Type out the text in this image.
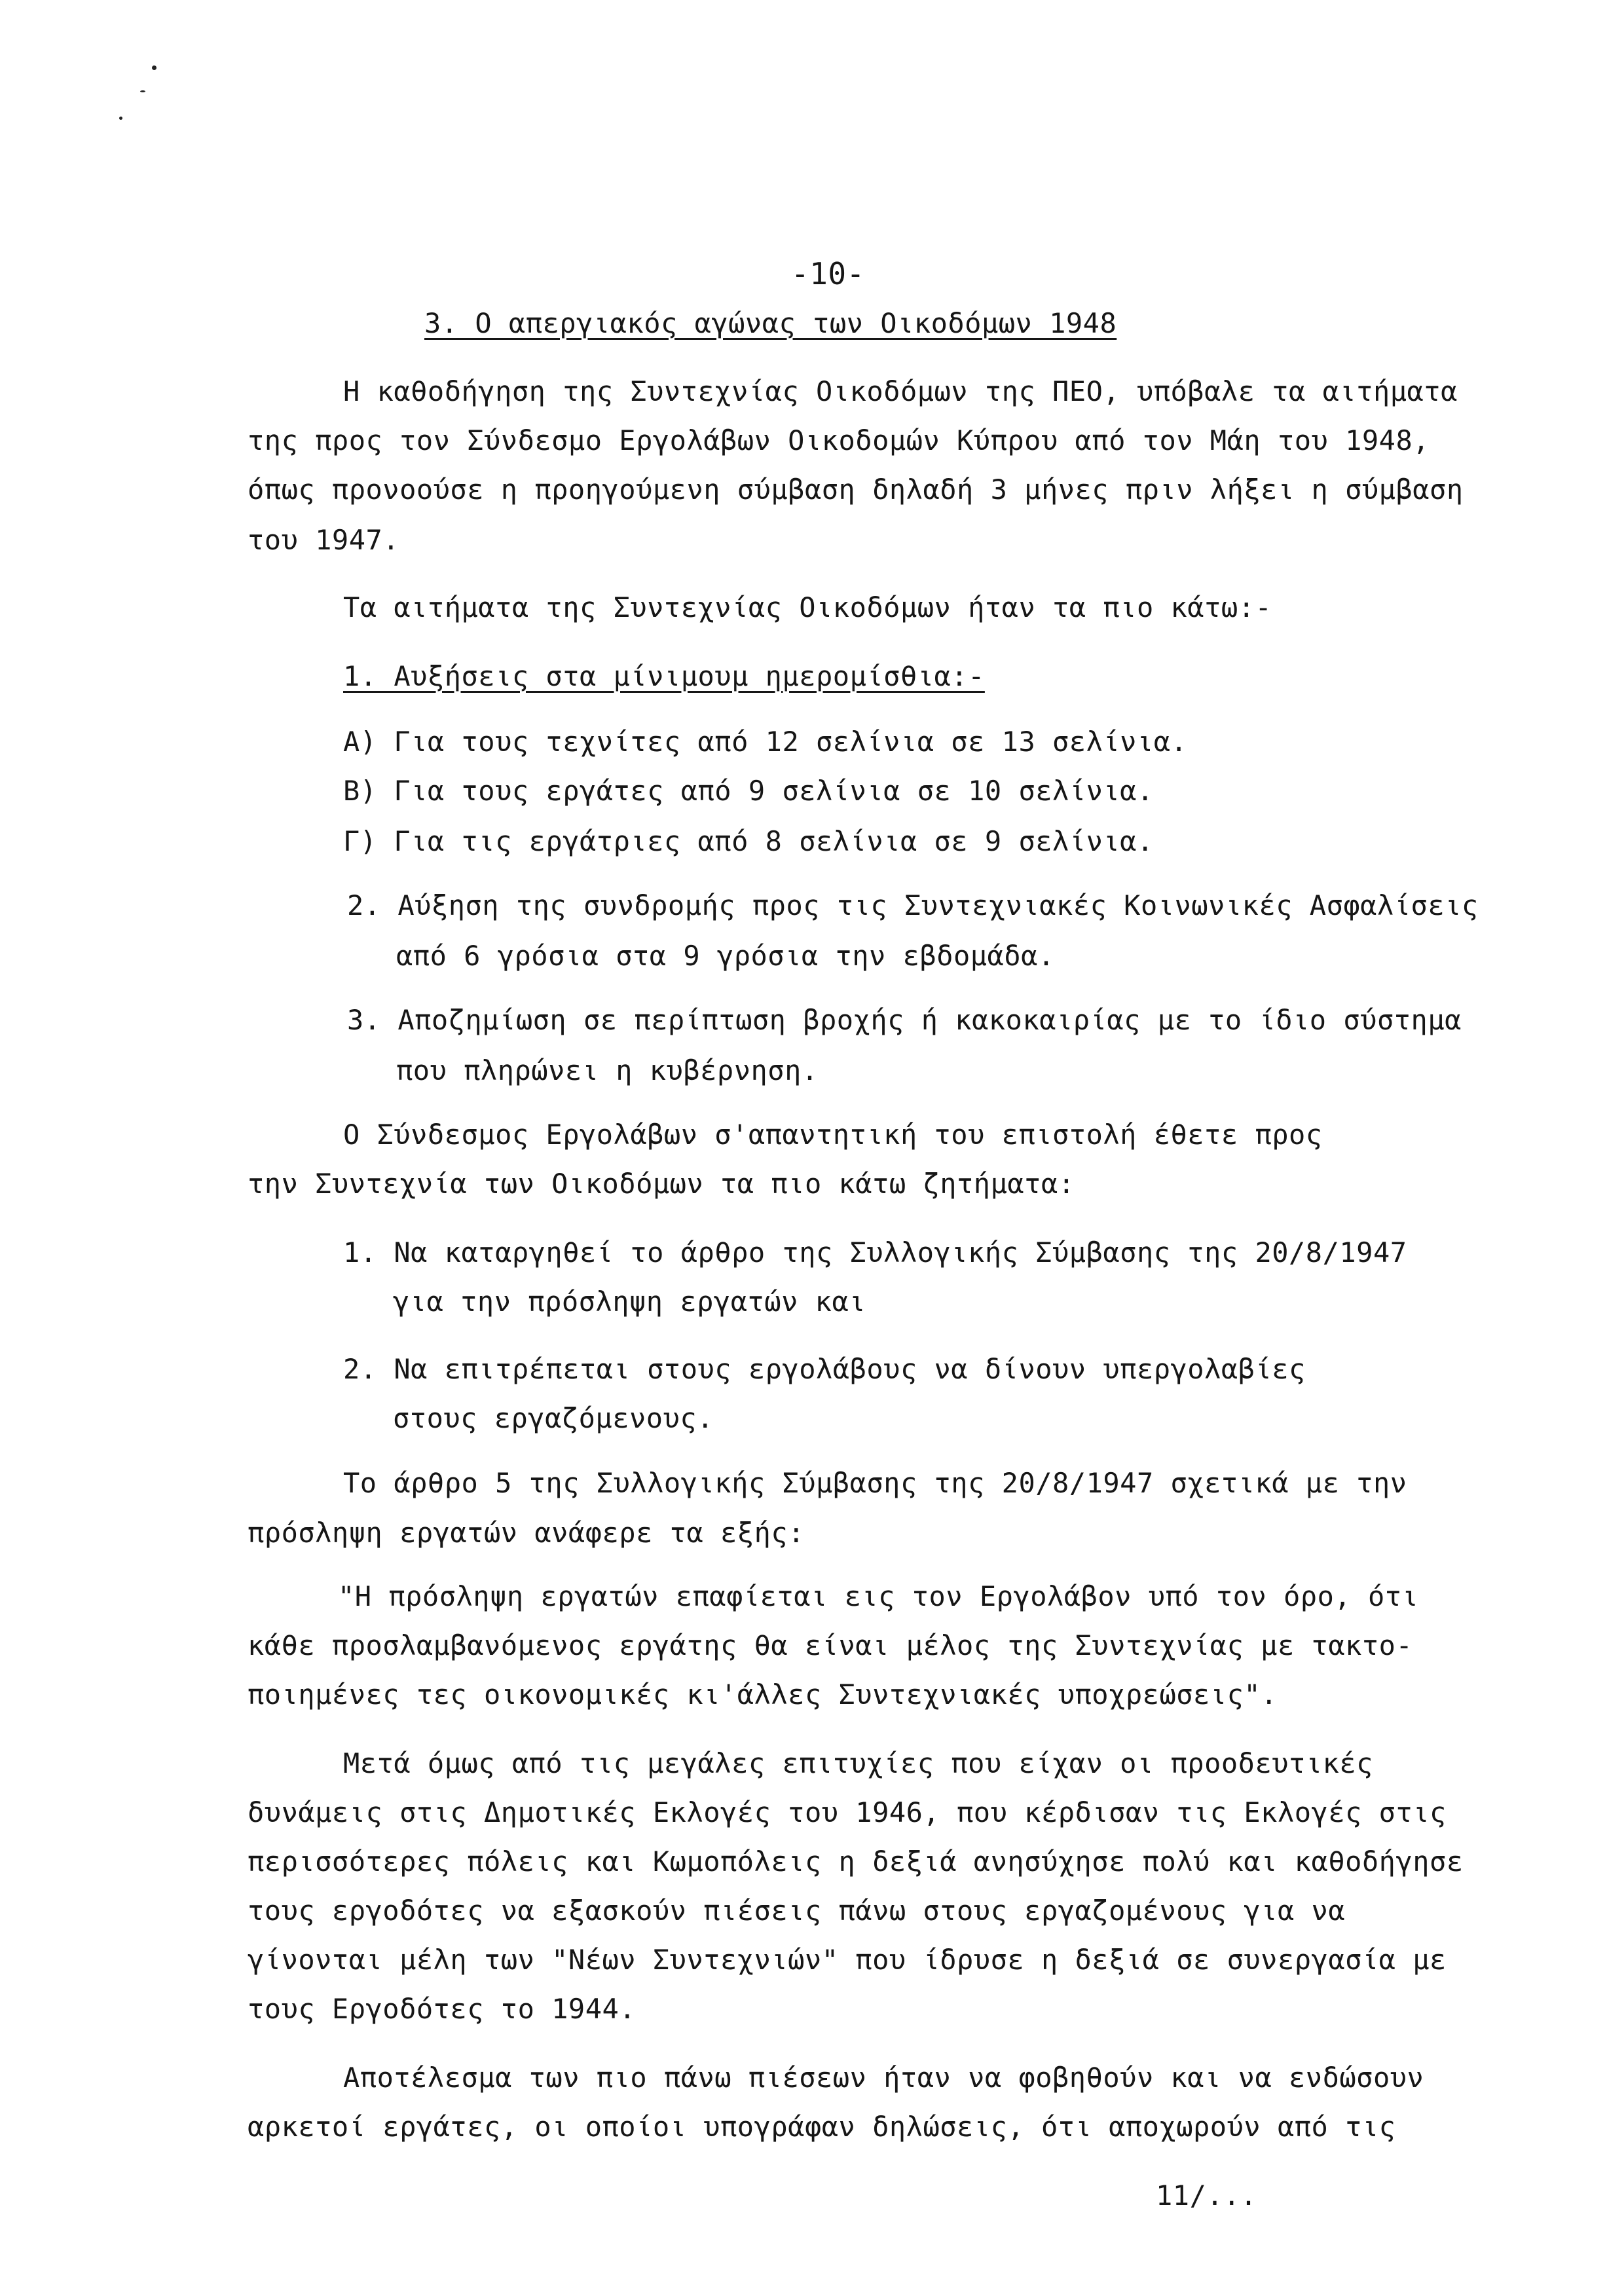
-10-
3. Ο απεργιακός αγώνας των Οικοδόμων 1948
Η καθοδήγηση της Συντεχνίας Οικοδόμων της ΠΕΟ, υπόβαλε τα αιτήματα
της προς τον Σύνδεσμο Εργολάβων Οικοδομών Κύπρου από τον Μάη του 1948,
όπως προνοούσε η προηγούμενη σύμβαση δηλαδή 3 μήνες πριν λήξει η σύμβαση
του 1947.
Τα αιτήματα της Συντεχνίας Οικοδόμων ήταν τα πιο κάτω:-
1. Αυξήσεις στα μίνιμουμ ημερομίσθια:-
Α) Για τους τεχνίτες από 12 σελίνια σε 13 σελίνια.
Β) Για τους εργάτες από 9 σελίνια σε 10 σελίνια.
Γ) Για τις εργάτριες από 8 σελίνια σε 9 σελίνια.
2. Αύξηση της συνδρομής προς τις Συντεχνιακές Κοινωνικές Ασφαλίσεις
από 6 γρόσια στα 9 γρόσια την εβδομάδα.
3. Αποζημίωση σε περίπτωση βροχής ή κακοκαιρίας με το ίδιο σύστημα
που πληρώνει η κυβέρνηση.
Ο Σύνδεσμος Εργολάβων σ'απαντητική του επιστολή έθετε προς
την Συντεχνία των Οικοδόμων τα πιο κάτω ζητήματα:
1. Να καταργηθεί το άρθρο της Συλλογικής Σύμβασης της 20/8/1947
για την πρόσληψη εργατών και
2. Να επιτρέπεται στους εργολάβους να δίνουν υπεργολαβίες
στους εργαζόμενους.
Το άρθρο 5 της Συλλογικής Σύμβασης της 20/8/1947 σχετικά με την
πρόσληψη εργατών ανάφερε τα εξής:
"Η πρόσληψη εργατών επαφίεται εις τον Εργολάβον υπό τον όρο, ότι
κάθε προσλαμβανόμενος εργάτης θα είναι μέλος της Συντεχνίας με τακτο-
ποιημένες τες οικονομικές κι'άλλες Συντεχνιακές υποχρεώσεις".
Μετά όμως από τις μεγάλες επιτυχίες που είχαν οι προοδευτικές
δυνάμεις στις Δημοτικές Εκλογές του 1946, που κέρδισαν τις Εκλογές στις
περισσότερες πόλεις και Κωμοπόλεις η δεξιά ανησύχησε πολύ και καθοδήγησε
τους εργοδότες να εξασκούν πιέσεις πάνω στους εργαζομένους για να
γίνονται μέλη των "Νέων Συντεχνιών" που ίδρυσε η δεξιά σε συνεργασία με
τους Εργοδότες το 1944.
Αποτέλεσμα των πιο πάνω πιέσεων ήταν να φοβηθούν και να ενδώσουν
αρκετοί εργάτες, οι οποίοι υπογράφαν δηλώσεις, ότι αποχωρούν από τις
11/...
